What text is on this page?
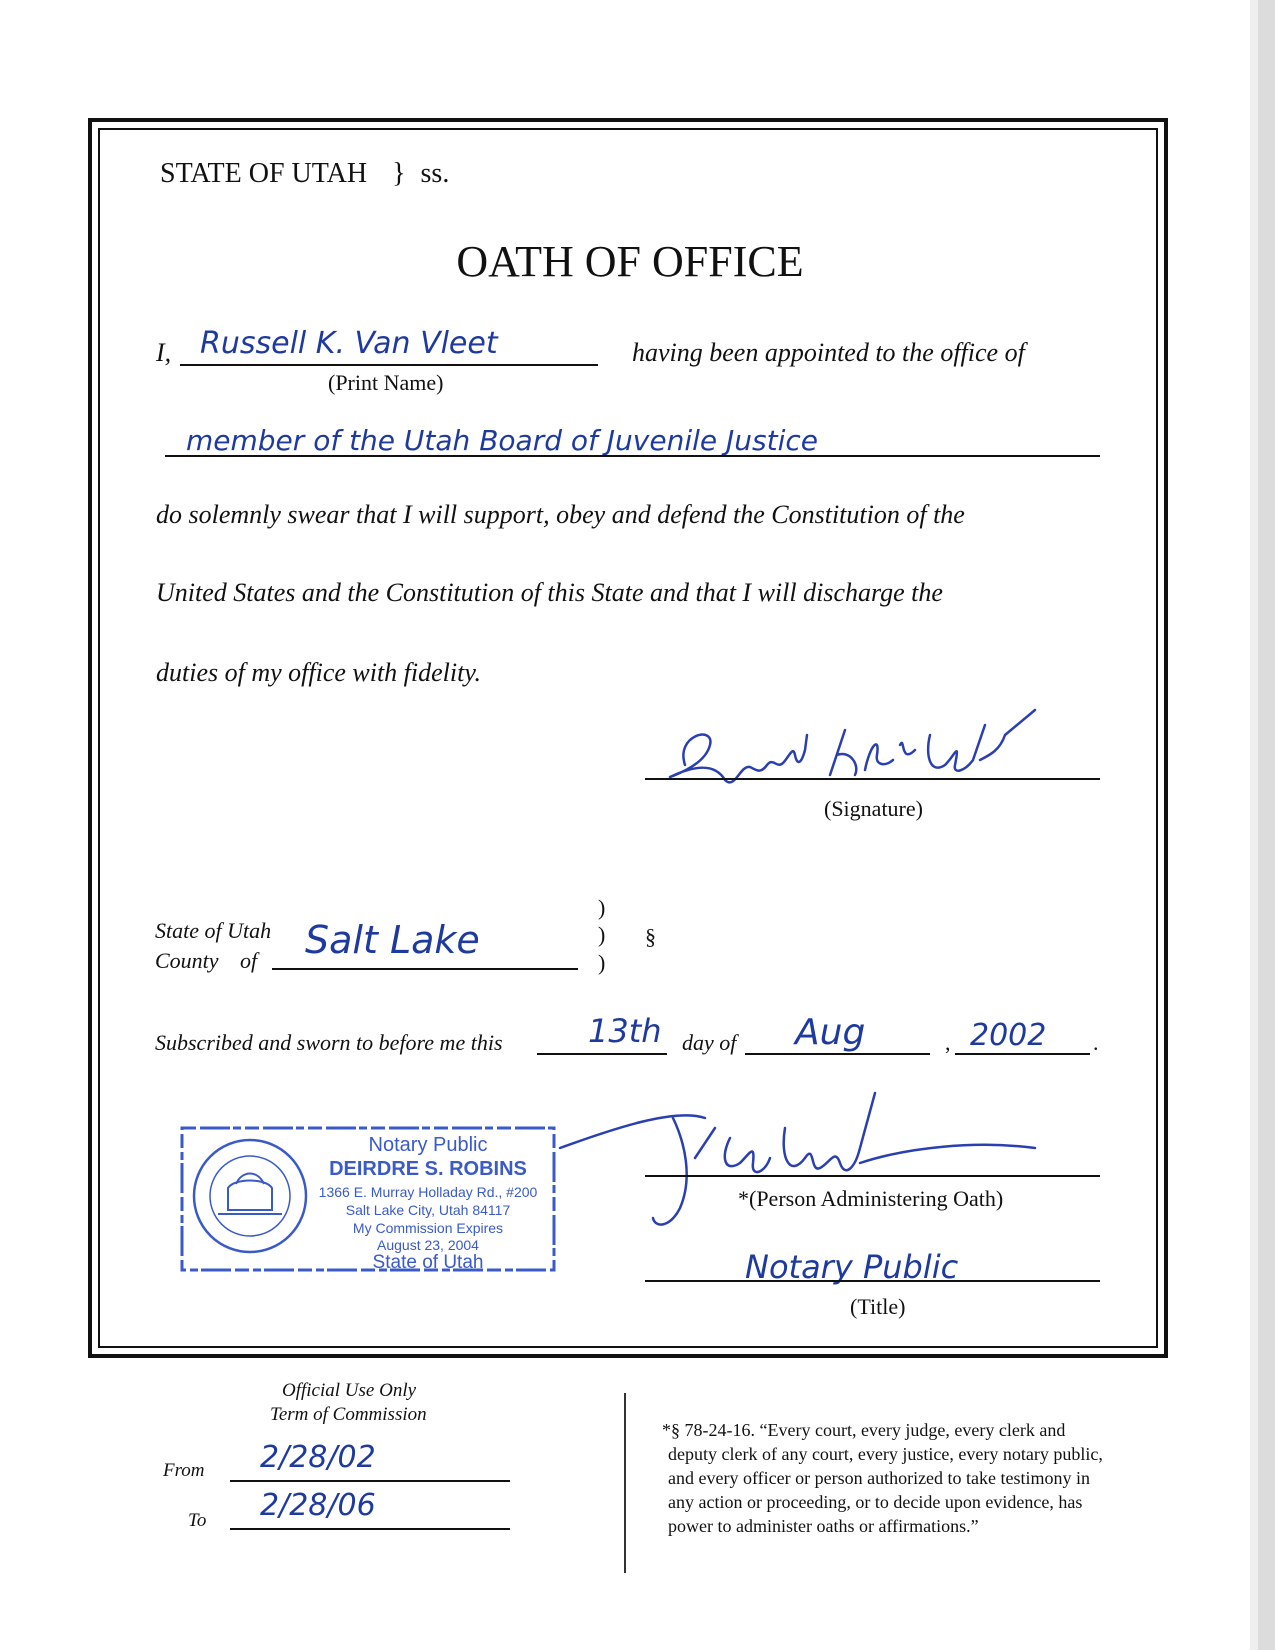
STATE OF UTAH } ss.
OATH OF OFFICE
I, Russell K. Van Vleet
(Print Name)
having been appointed to the office of
member of the Utah Board of Juvenile Justice
do solemnly swear that I will support, obey and defend the Constitution of the
United States and the Constitution of this State and that I will discharge the
duties of my office with fidelity.
(Signature)
State of Utah
County of Salt Lake
)
)
)
§
Subscribed and sworn to before me this	13th day of Aug	, 2002 .
Notary Public
DEIRDRE S. ROBINS
1366 E. Murray Holladay Rd., #200
Salt Lake City, Utah 84117
My Commission Expires
August 23, 2004
State of Utah
*(Person Administering Oath)
Notary Public
(Title)
Official Use Only
Term of Commission
From 2/28/02
To 2/28/06
*§ 78-24-16. “Every court, every judge, every clerk and
deputy clerk of any court, every justice, every notary public,
and every officer or person authorized to take testimony in
any action or proceeding, or to decide upon evidence, has
power to administer oaths or affirmations.”
